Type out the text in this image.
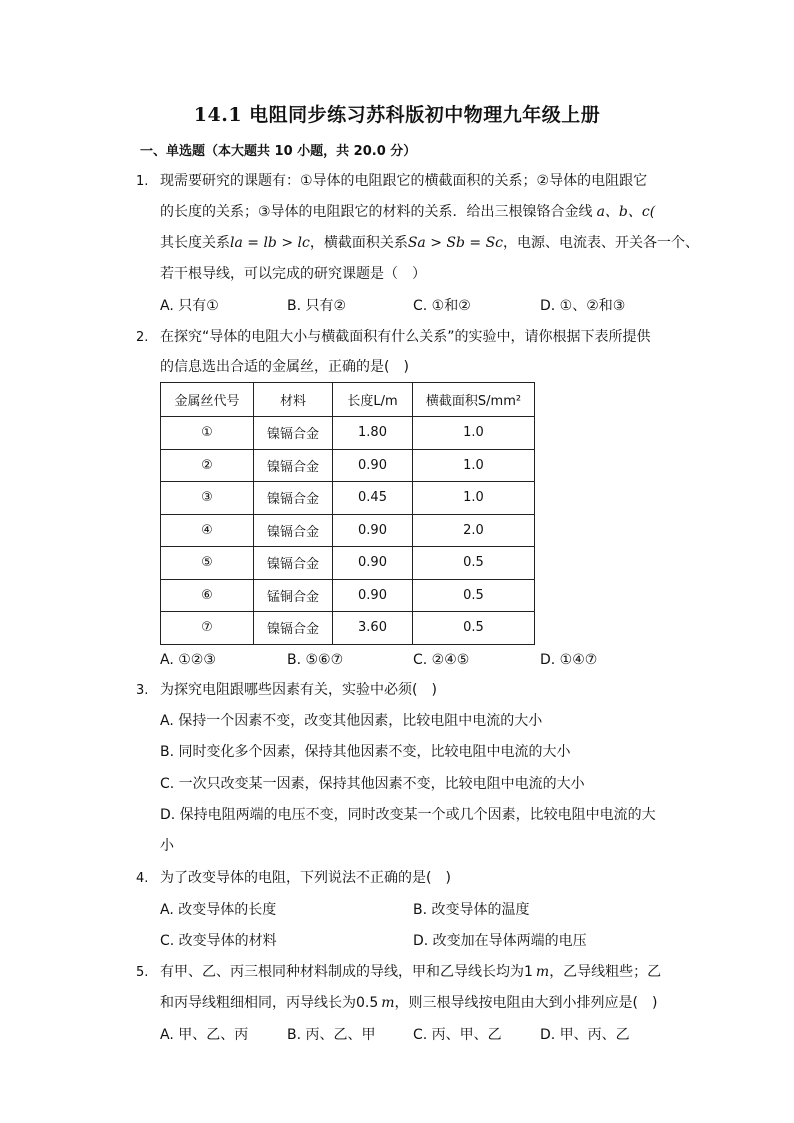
14.1 电阻同步练习苏科版初中物理九年级上册
一、单选题（本大题共 10 小题，共 20.0 分）
1. 现需要研究的课题有：①导体的电阻跟它的横截面积的关系；②导体的电阻跟它
的长度的关系；③导体的电阻跟它的材料的关系．给出三根镍铬合金线 a、b、c(
其长度关系la = lb > lc，横截面积关系Sa > Sb = Sc，电源、电流表、开关各一个、
若干根导线，可以完成的研究课题是（　）
A. 只有①	B. 只有②	C. ①和②	D. ①、②和③
2. 在探究“导体的电阻大小与横截面积有什么关系”的实验中，请你根据下表所提供
的信息选出合适的金属丝，正确的是(　)
金属丝代号	材料	长度L/m	横截面积S/mm²
①	镍镉合金	1.80	1.0
②	镍镉合金	0.90	1.0
③	镍镉合金	0.45	1.0
④	镍镉合金	0.90	2.0
⑤	镍镉合金	0.90	0.5
⑥	锰铜合金	0.90	0.5
⑦	镍镉合金	3.60	0.5
A. ①②③	B. ⑤⑥⑦	C. ②④⑤	D. ①④⑦
3. 为探究电阻跟哪些因素有关，实验中必须(　)
A. 保持一个因素不变，改变其他因素，比较电阻中电流的大小
B. 同时变化多个因素，保持其他因素不变，比较电阻中电流的大小
C. 一次只改变某一因素，保持其他因素不变，比较电阻中电流的大小
D. 保持电阻两端的电压不变，同时改变某一个或几个因素，比较电阻中电流的大
小
4. 为了改变导体的电阻，下列说法不正确的是(　)
A. 改变导体的长度	B. 改变导体的温度
C. 改变导体的材料	D. 改变加在导体两端的电压
5. 有甲、乙、丙三根同种材料制成的导线，甲和乙导线长均为1 m，乙导线粗些；乙
和丙导线粗细相同，丙导线长为0.5 m，则三根导线按电阻由大到小排列应是(　)
A. 甲、乙、丙	B. 丙、乙、甲	C. 丙、甲、乙	D. 甲、丙、乙
